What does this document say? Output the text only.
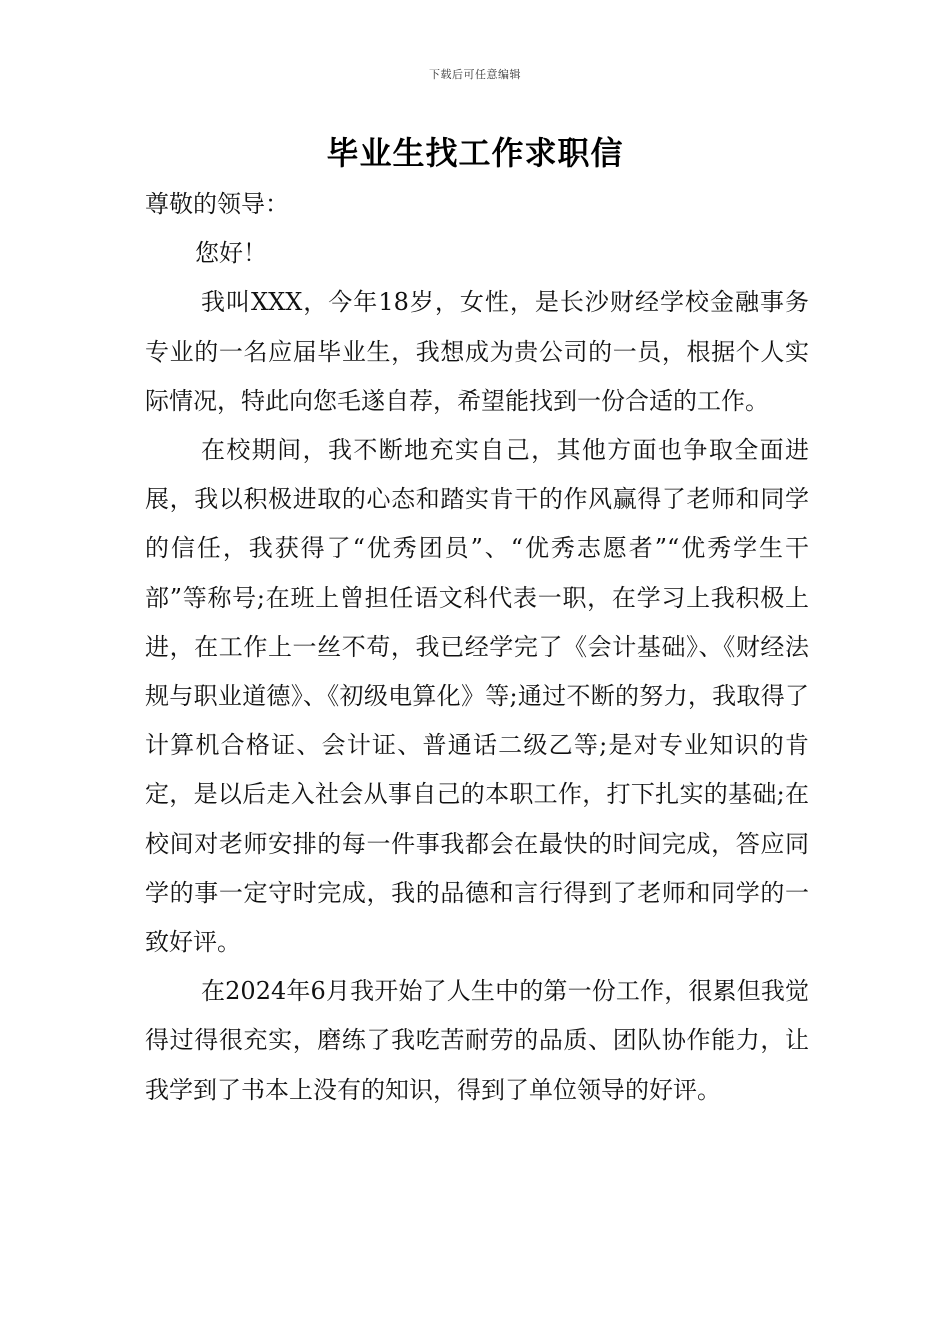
下载后可任意编辑
毕业生找工作求职信

尊敬的领导：

您好！

我叫XXX，今年18岁，女性，是长沙财经学校金融事务专业的一名应届毕业生，我想成为贵公司的一员，根据个人实际情况，特此向您毛遂自荐，希望能找到一份合适的工作。

在校期间，我不断地充实自己，其他方面也争取全面进展，我以积极进取的心态和踏实肯干的作风赢得了老师和同学的信任，我获得了“优秀团员”、“优秀志愿者”“优秀学生干部”等称号;在班上曾担任语文科代表一职，在学习上我积极上进，在工作上一丝不苟，我已经学完了《会计基础》、《财经法规与职业道德》、《初级电算化》等;通过不断的努力，我取得了计算机合格证、会计证、普通话二级乙等;是对专业知识的肯定，是以后走入社会从事自己的本职工作，打下扎实的基础;在校间对老师安排的每一件事我都会在最快的时间完成，答应同学的事一定守时完成，我的品德和言行得到了老师和同学的一致好评。

在2024年6月我开始了人生中的第一份工作，很累但我觉得过得很充实，磨练了我吃苦耐劳的品质、团队协作能力，让我学到了书本上没有的知识，得到了单位领导的好评。
